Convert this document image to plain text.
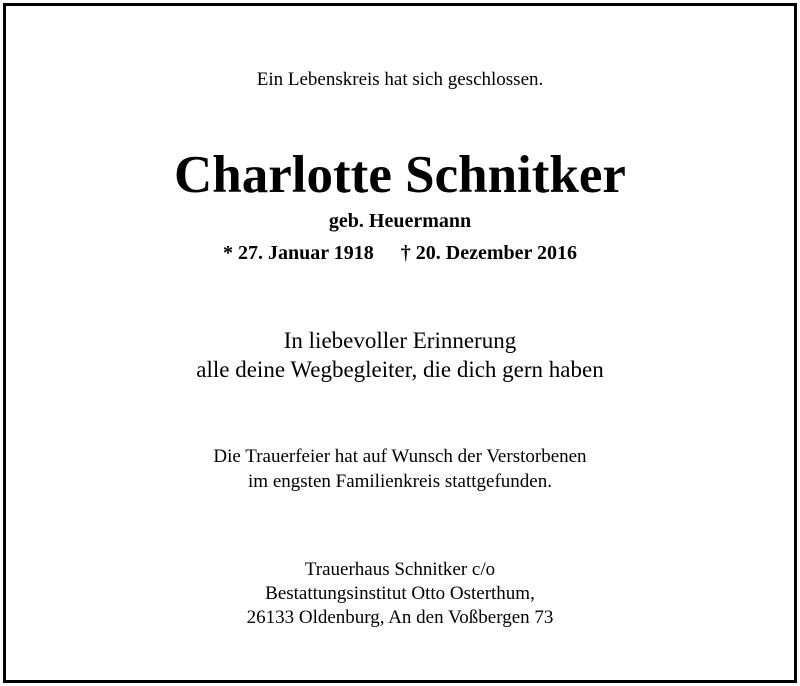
Ein Lebenskreis hat sich geschlossen.
Charlotte Schnitker
geb. Heuermann
* 27. Januar 1918 † 20. Dezember 2016
In liebevoller Erinnerung
alle deine Wegbegleiter, die dich gern haben
Die Trauerfeier hat auf Wunsch der Verstorbenen
im engsten Familienkreis stattgefunden.
Trauerhaus Schnitker c/o
Bestattungsinstitut Otto Osterthum,
26133 Oldenburg, An den Voßbergen 73
